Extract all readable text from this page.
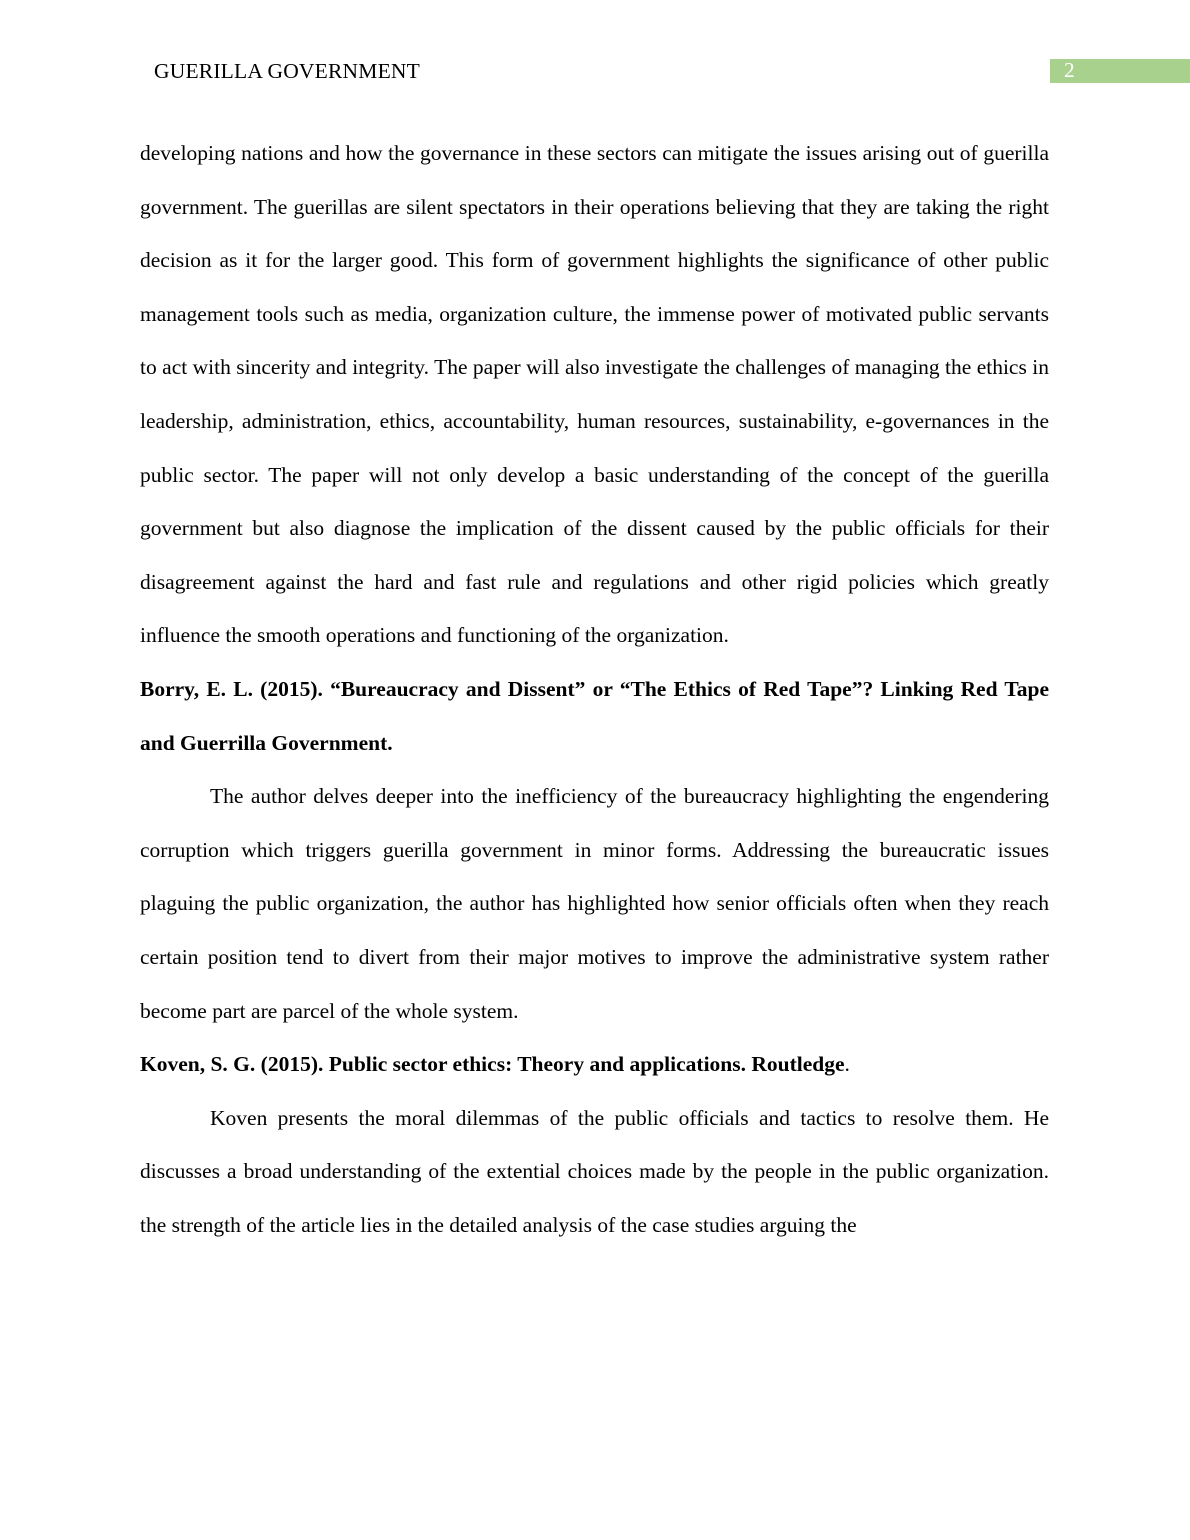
GUERILLA GOVERNMENT	2

developing nations and how the governance in these sectors can mitigate the issues arising out of guerilla government. The guerillas are silent spectators in their operations believing that they are taking the right decision as it for the larger good. This form of government highlights the significance of other public management tools such as media, organization culture, the immense power of motivated public servants to act with sincerity and integrity. The paper will also investigate the challenges of managing the ethics in leadership, administration, ethics, accountability, human resources, sustainability, e-governances in the public sector. The paper will not only develop a basic understanding of the concept of the guerilla government but also diagnose the implication of the dissent caused by the public officials for their disagreement against the hard and fast rule and regulations and other rigid policies which greatly influence the smooth operations and functioning of the organization.

Borry, E. L. (2015). “Bureaucracy and Dissent” or “The Ethics of Red Tape”? Linking Red Tape and Guerrilla Government.

The author delves deeper into the inefficiency of the bureaucracy highlighting the engendering corruption which triggers guerilla government in minor forms. Addressing the bureaucratic issues plaguing the public organization, the author has highlighted how senior officials often when they reach certain position tend to divert from their major motives to improve the administrative system rather become part are parcel of the whole system.

Koven, S. G. (2015). Public sector ethics: Theory and applications. Routledge.

Koven presents the moral dilemmas of the public officials and tactics to resolve them. He discusses a broad understanding of the extential choices made by the people in the public organization. the strength of the article lies in the detailed analysis of the case studies arguing the
